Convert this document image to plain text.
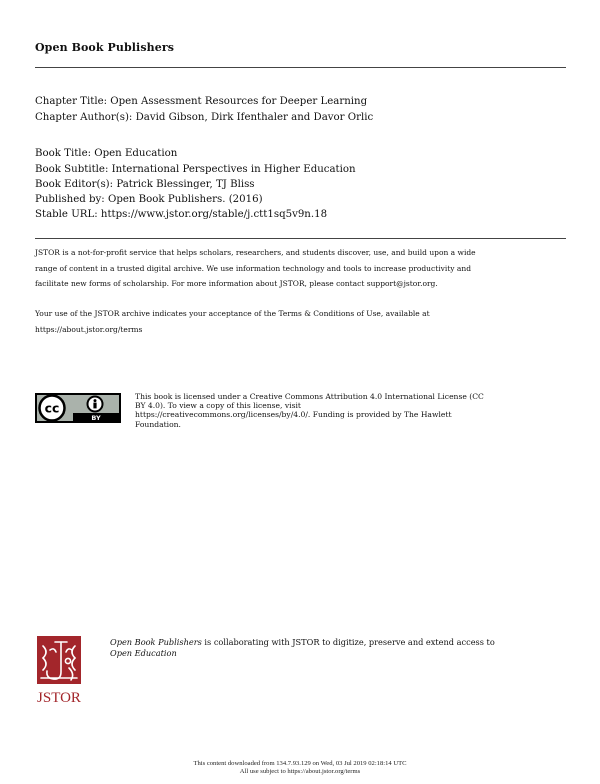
Open Book Publishers
Chapter Title: Open Assessment Resources for Deeper Learning
Chapter Author(s): David Gibson, Dirk Ifenthaler and Davor Orlic
Book Title: Open Education
Book Subtitle: International Perspectives in Higher Education
Book Editor(s): Patrick Blessinger, TJ Bliss
Published by: Open Book Publishers. (2016)
Stable URL: https://www.jstor.org/stable/j.ctt1sq5v9n.18
JSTOR is a not-for-profit service that helps scholars, researchers, and students discover, use, and build upon a wide
range of content in a trusted digital archive. We use information technology and tools to increase productivity and
facilitate new forms of scholarship. For more information about JSTOR, please contact support@jstor.org.
Your use of the JSTOR archive indicates your acceptance of the Terms & Conditions of Use, available at
https://about.jstor.org/terms
cc
BY
This book is licensed under a Creative Commons Attribution 4.0 International License (CC
BY 4.0). To view a copy of this license, visit
https://creativecommons.org/licenses/by/4.0/. Funding is provided by The Hawlett
Foundation.
JSTOR
Open Book Publishers is collaborating with JSTOR to digitize, preserve and extend access to
Open Education
This content downloaded from 134.7.93.129 on Wed, 03 Jul 2019 02:18:14 UTC
All use subject to https://about.jstor.org/terms
